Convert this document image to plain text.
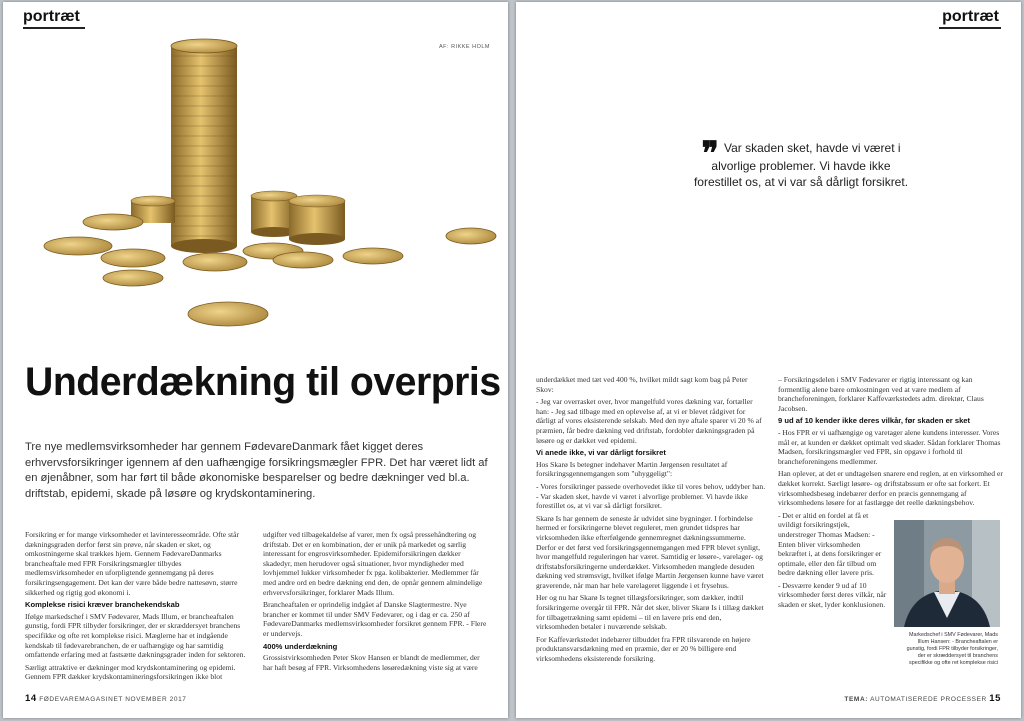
portræt
AF: RIKKE HOLM
Underdækning til overpris

Tre nye medlemsvirksomheder har gennem FødevareDanmark fået kigget deres erhvervsforsikringer igennem af den uafhængige forsikringsmægler FPR. Det har været lidt af en øjenåbner, som har ført til både økonomiske besparelser og bedre dækninger ved bl.a. driftstab, epidemi, skade på løsøre og krydskontaminering.

Forsikring er for mange virksomheder et lavinteresseområde. Ofte står dækningsgraden derfor først sin prøve, når skaden er sket, og omkostningerne skal trækkes hjem. Gennem FødevareDanmarks brancheaftale med FPR Forsikringsmægler tilbydes medlemsvirksomheder en uforpligtende gennemgang på deres forsikringsengagement. Det kan der være både bedre nattesøvn, større sikkerhed og rigtig god økonomi i.

Komplekse risici kræver branchekendskab

Ifølge markedschef i SMV Fødevarer, Mads Illum, er brancheaftalen gunstig, fordi FPR tilbyder forsikringer, der er skræddersyet branchens specifikke og ofte ret komplekse risici. Mæglerne har et indgående kendskab til fødevarebranchen, de er uafhængige og har samtidig omfattende erfaring med at fastsætte dækningsgrader inden for sektoren.

Særligt attraktive er dækninger mod krydskontaminering og epidemi. Gennem FPR dækker krydskontamineringsforsikringen ikke blot

udgifter ved tilbagekaldelse af varer, men fx også pressehåndtering og driftstab. Det er en kombination, der er unik på markedet og særlig interessant for engrosvirksomheder. Epidemiforsikringen dækker skadedyr, men herudover også situationer, hvor myndigheder med lovhjemmel lukker virksomheder fx pga. kolibakterier. Medlemmer får med andre ord en bedre dækning end den, de opnår gennem almindelige erhvervsforsikringer, forklarer Mads Illum.

Brancheaftalen er oprindelig indgået af Danske Slagtermestre. Nye brancher er kommet til under SMV Fødevarer, og i dag er ca. 250 af FødevareDanmarks medlemsvirksomheder forsikret gennem FPR. - Flere er undervejs.

400% underdækning

Grossistvirksomheden Peter Skov Hansen er blandt de medlemmer, der har haft besøg af FPR. Virksomhedens løsøredækning viste sig at være

14 FØDEVAREMAGASINET NOVEMBER 2017
portræt
❞ Var skaden sket, havde vi været i alvorlige problemer. Vi havde ikke forestillet os, at vi var så dårligt forsikret.

underdækket med tæt ved 400 %, hvilket mildt sagt kom bag på Peter Skov:

- Jeg var overrasket over, hvor mangelfuld vores dækning var, fortæller han: - Jeg sad tilbage med en oplevelse af, at vi er blevet rådgivet for dårligt af vores eksisterende selskab. Med den nye aftale sparer vi 20 % af præmien, får bedre dækning ved driftstab, fordobler dækningsgraden på løsøre og er dækket ved epidemi.

Vi anede ikke, vi var dårligt forsikret

Hos Skarø Is betegner indehaver Martin Jørgensen resultatet af forsikringsgennemgangen som "uhyggeligt":

- Vores forsikringer passede overhovedet ikke til vores behov, uddyber han. - Var skaden sket, havde vi været i alvorlige problemer. Vi havde ikke forestillet os, at vi var så dårligt forsikret.

Skarø Is har gennem de seneste år udvidet sine bygninger. I forbindelse hermed er forsikringerne blevet reguleret, men grundet tidspres har virksomheden ikke efterfølgende gennemregnet dækningssummerne. Derfor er det først ved forsikringsgennemgangen med FPR blevet synligt, hvor mangelfuld reguleringen har været. Samtidig er løsøre-, varelager- og driftstabsforsikringerne underdækket. Virksomheden manglede desuden dækning ved strømsvigt, hvilket ifølge Martin Jørgensen kunne have været graverende, når man har hele varelageret liggende i et frysehus.

Her og nu har Skarø Is tegnet tillægsforsikringer, som dækker, indtil forsikringerne overgår til FPR. Når det sker, bliver Skarø Is i tillæg dækket for tilbagetrækning samt epidemi – til en lavere pris end den, virksomheden betaler i nuværende selskab.

For Kaffeværkstedet indebærer tilbuddet fra FPR tilsvarende en højere produktansvarsdækning med en præmie, der er 20 % billigere end virksomhedens eksisterende forsikring.

– Forsikringsdelen i SMV Fødevarer er rigtig interessant og kan formentlig alene bære omkostningen ved at være medlem af brancheforeningen, forklarer Kaffeværkstedets adm. direktør, Claus Jacobsen.

9 ud af 10 kender ikke deres vilkår, før skaden er sket

- Hos FPR er vi uafhængige og varetager alene kundens interesser. Vores mål er, at kunden er dækket optimalt ved skader. Sådan forklarer Thomas Madsen, forsikringsmægler ved FPR, sin opgave i forhold til brancheforeningens medlemmer.

Han oplever, at det er undtagelsen snarere end reglen, at en virksomhed er dækket korrekt. Særligt løsøre- og driftstabssum er ofte sat forkert. Et virksomhedsbesøg indebærer derfor en præcis gennemgang af virksomhedens løsøre for at fastlægge det reelle dækningsbehov.

- Det er altid en fordel at få et uvildigt forsikringstjek, understreger Thomas Madsen: - Enten bliver virksomheden bekræftet i, at dens forsikringer er optimale, eller den får tilbud om bedre dækning eller lavere pris.

- Desværre kender 9 ud af 10 virksomheder først deres vilkår, når skaden er sket, lyder konklusionen.

Markedschef i SMV Fødevarer, Mads Illum Hansen: - Brancheaftalen er gunstig, fordi FPR tilbyder forsikringer, der er skræddersyet til branchens specifikke og ofte ret komplekse risici
TEMA: AUTOMATISEREDE PROCESSER 15
